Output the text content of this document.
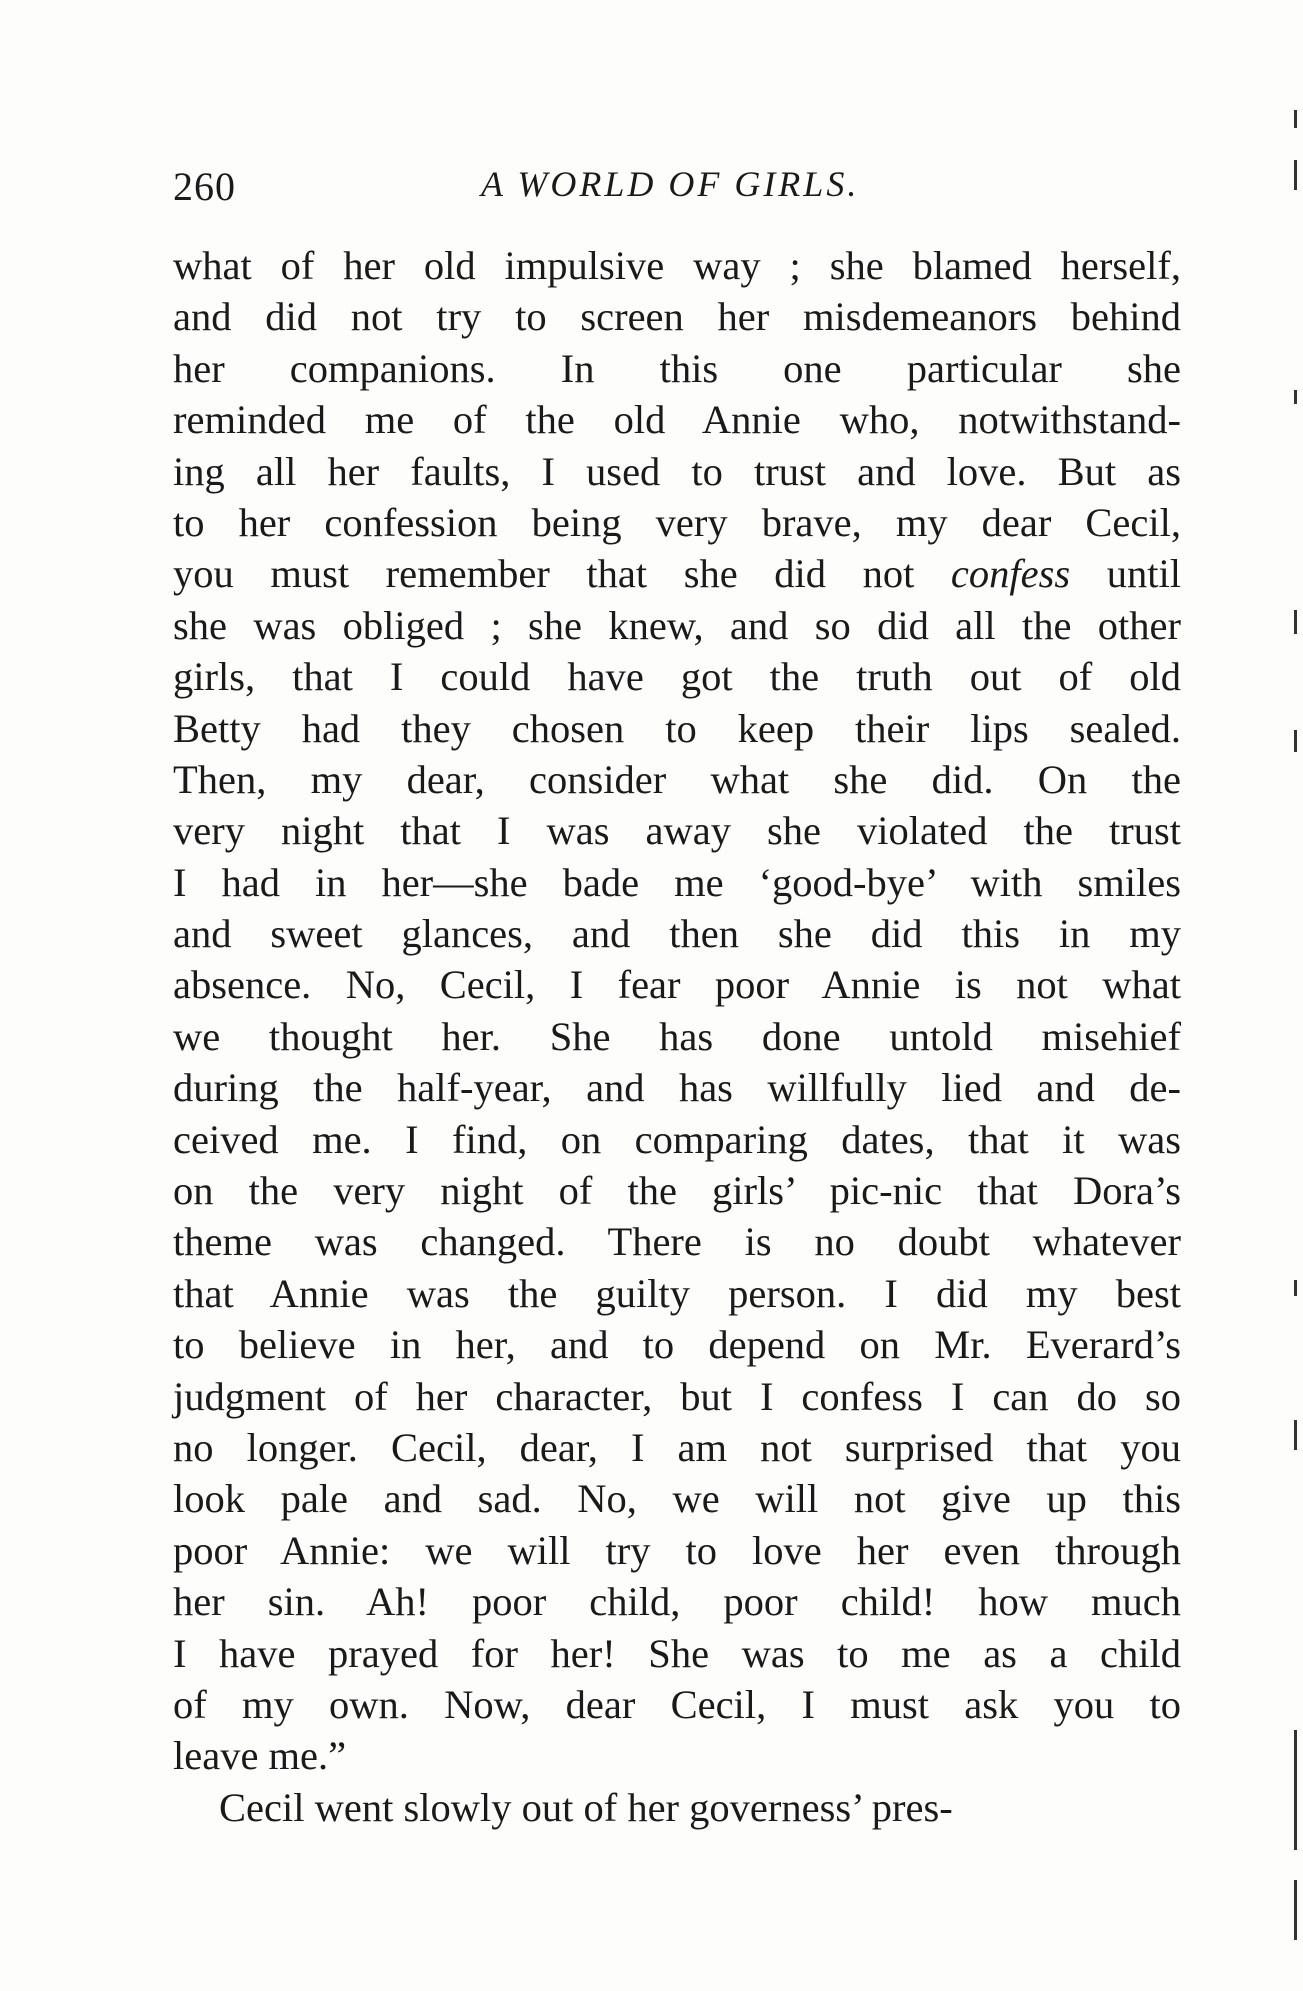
260	A WORLD OF GIRLS.
what of her old impulsive way ; she blamed herself,
and did not try to screen her misdemeanors behind
her companions. In this one particular she
reminded me of the old Annie who, notwithstand-
ing all her faults, I used to trust and love. But as
to her confession being very brave, my dear Cecil,
you must remember that she did not confess until
she was obliged ; she knew, and so did all the other
girls, that I could have got the truth out of old
Betty had they chosen to keep their lips sealed.
Then, my dear, consider what she did. On the
very night that I was away she violated the trust
I had in her—she bade me ‘good-bye’ with smiles
and sweet glances, and then she did this in my
absence. No, Cecil, I fear poor Annie is not what
we thought her. She has done untold misehief
during the half-year, and has willfully lied and de-
ceived me. I find, on comparing dates, that it was
on the very night of the girls’ pic-nic that Dora’s
theme was changed. There is no doubt whatever
that Annie was the guilty person. I did my best
to believe in her, and to depend on Mr. Everard’s
judgment of her character, but I confess I can do so
no longer. Cecil, dear, I am not surprised that you
look pale and sad. No, we will not give up this
poor Annie: we will try to love her even through
her sin. Ah! poor child, poor child! how much
I have prayed for her! She was to me as a child
of my own. Now, dear Cecil, I must ask you to
leave me.”
Cecil went slowly out of her governess’ pres-
